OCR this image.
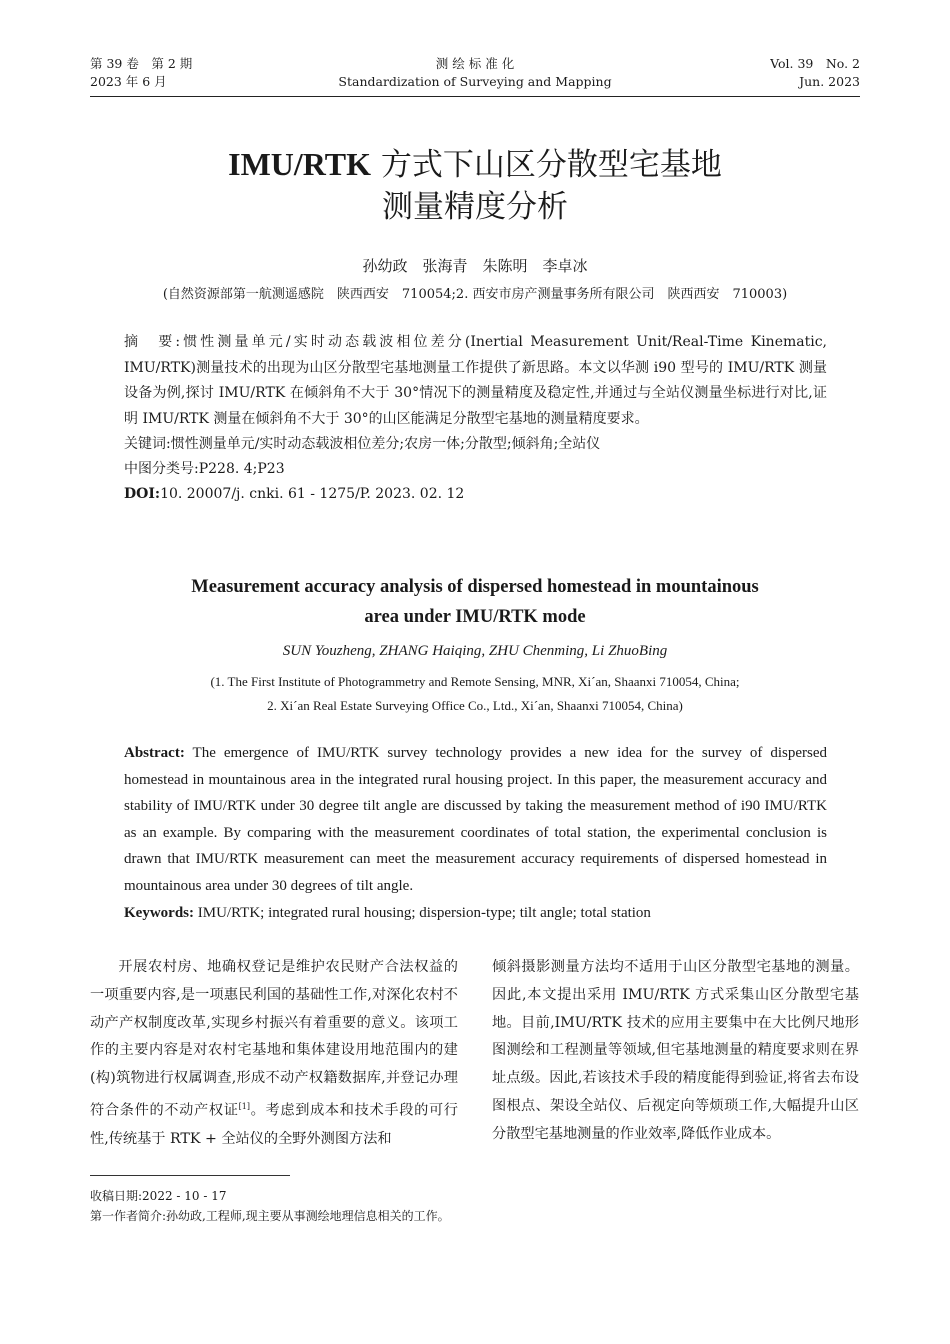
第 39 卷　第 2 期
2023 年 6 月
测 绘 标 准 化
Standardization of Surveying and Mapping
Vol. 39　No. 2
Jun. 2023
IMU/RTK 方式下山区分散型宅基地
测量精度分析
孙幼政　张海青　朱陈明　李卓冰
(自然资源部第一航测遥感院　陕西西安　710054;2. 西安市房产测量事务所有限公司　陕西西安　710003)
摘　要:惯性测量单元/实时动态载波相位差分(Inertial Measurement Unit/Real-Time Kinematic, IMU/RTK)测量技术的出现为山区分散型宅基地测量工作提供了新思路。本文以华测 i90 型号的 IMU/RTK 测量设备为例,探讨 IMU/RTK 在倾斜角不大于 30°情况下的测量精度及稳定性,并通过与全站仪测量坐标进行对比,证明 IMU/RTK 测量在倾斜角不大于 30°的山区能满足分散型宅基地的测量精度要求。
关键词:惯性测量单元/实时动态载波相位差分;农房一体;分散型;倾斜角;全站仪
中图分类号:P228. 4;P23
DOI:10. 20007/j. cnki. 61 - 1275/P. 2023. 02. 12
Measurement accuracy analysis of dispersed homestead in mountainous
area under IMU/RTK mode
SUN Youzheng, ZHANG Haiqing, ZHU Chenming, Li ZhuoBing
(1. The First Institute of Photogrammetry and Remote Sensing, MNR, Xi´an, Shaanxi 710054, China;
2. Xi´an Real Estate Surveying Office Co., Ltd., Xi´an, Shaanxi 710054, China)
Abstract: The emergence of IMU/RTK survey technology provides a new idea for the survey of dispersed homestead in mountainous area in the integrated rural housing project. In this paper, the measurement accuracy and stability of IMU/RTK under 30 degree tilt angle are discussed by taking the measurement method of i90 IMU/RTK as an example. By comparing with the measurement coordinates of total station, the experimental conclusion is drawn that IMU/RTK measurement can meet the measurement accuracy requirements of dispersed homestead in mountainous area under 30 degrees of tilt angle.
Keywords: IMU/RTK; integrated rural housing; dispersion-type; tilt angle; total station
开展农村房、地确权登记是维护农民财产合法权益的一项重要内容,是一项惠民利国的基础性工作,对深化农村不动产产权制度改革,实现乡村振兴有着重要的意义。该项工作的主要内容是对农村宅基地和集体建设用地范围内的建(构)筑物进行权属调查,形成不动产权籍数据库,并登记办理符合条件的不动产权证[1]。考虑到成本和技术手段的可行性,传统基于 RTK + 全站仪的全野外测图方法和
倾斜摄影测量方法均不适用于山区分散型宅基地的测量。因此,本文提出采用 IMU/RTK 方式采集山区分散型宅基地。目前,IMU/RTK 技术的应用主要集中在大比例尺地形图测绘和工程测量等领域,但宅基地测量的精度要求则在界址点级。因此,若该技术手段的精度能得到验证,将省去布设图根点、架设全站仪、后视定向等烦琐工作,大幅提升山区分散型宅基地测量的作业效率,降低作业成本。
收稿日期:2022 - 10 - 17
第一作者简介:孙幼政,工程师,现主要从事测绘地理信息相关的工作。
